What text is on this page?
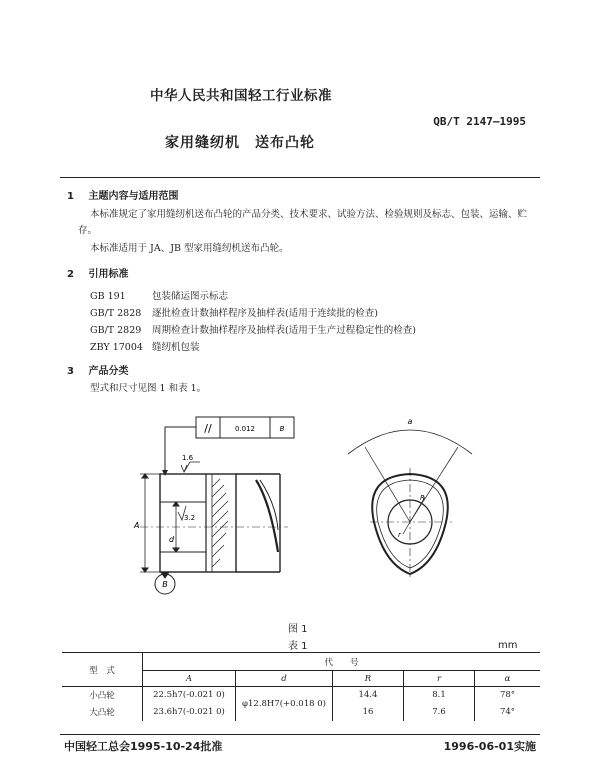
中华人民共和国轻工行业标准
QB/T 2147—1995
家用缝纫机　送布凸轮
1 主题内容与适用范围
本标准规定了家用缝纫机送布凸轮的产品分类、技术要求、试验方法、检验规则及标志、包装、运输、贮存。
本标准适用于 JA、JB 型家用缝纫机送布凸轮。
2 引用标准
GB 191	包装储运图示标志
GB/T 2828 逐批检查计数抽样程序及抽样表(适用于连续批的检查)
GB/T 2829 周期检查计数抽样程序及抽样表(适用于生产过程稳定性的检查)
ZBY 17004 缝纫机包装
3 产品分类
型式和尺寸见图 1 和表 1。
//	0.012	B
1.6
3.2
A
d
B
a
R
r
图 1
表 1	mm
型　式	代　　号				
	A	d	R	r	α
小凸轮	22.5h7(-0.021 0)	φ12.8H7(+0.018 0)	14.4	8.1	78°
大凸轮	23.6h7(-0.021 0)		16	7.6	74°
中国轻工总会1995-10-24批准	1996-06-01实施
